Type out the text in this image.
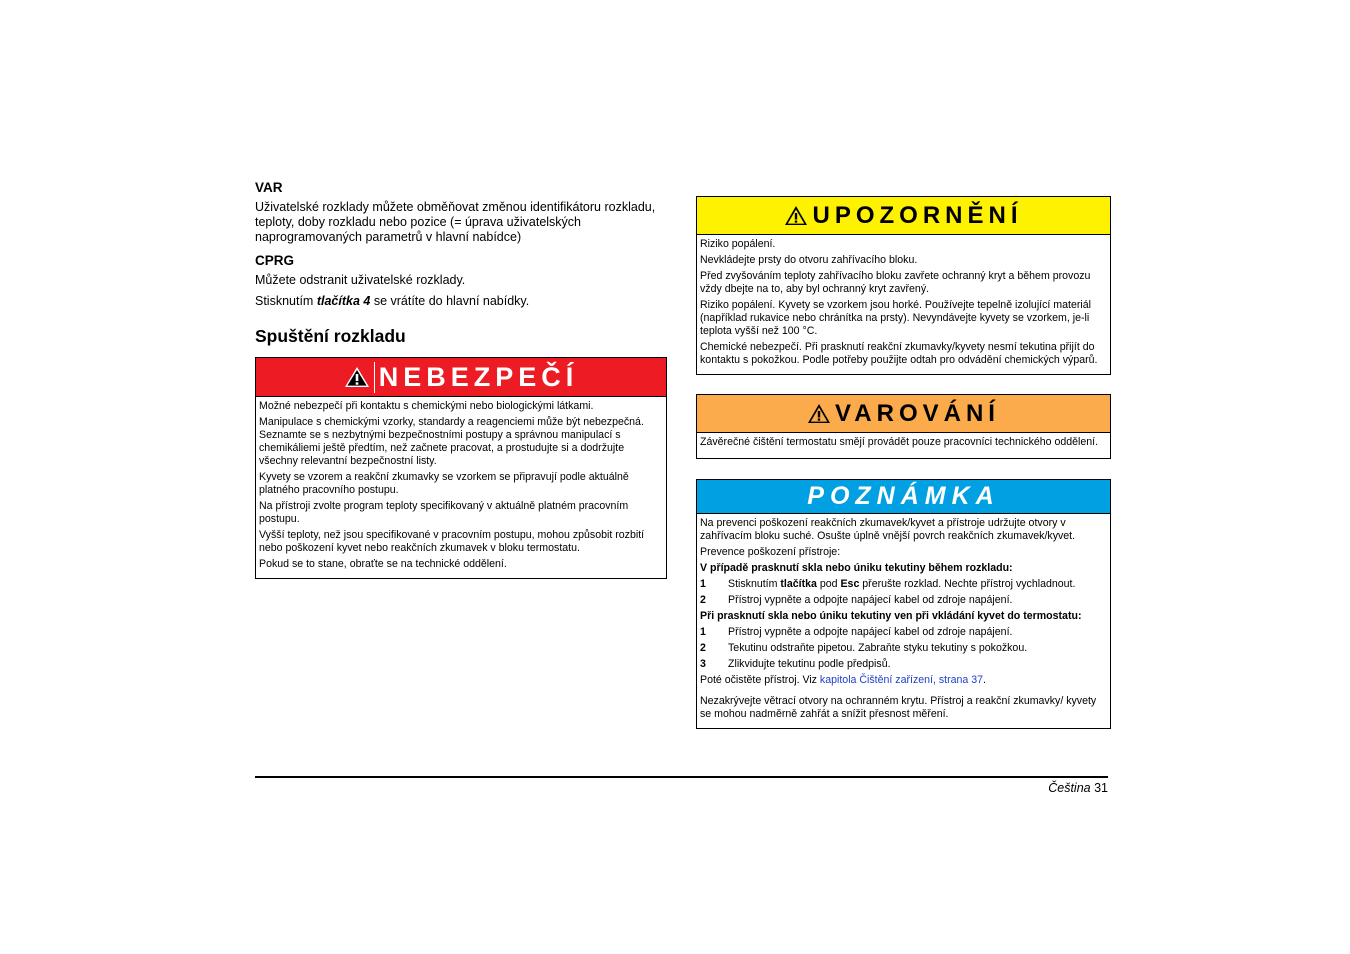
VAR
Uživatelské rozklady můžete obměňovat změnou identifikátoru rozkladu, teploty, doby rozkladu nebo pozice (= úprava uživatelských naprogramovaných parametrů v hlavní nabídce)
CPRG
Můžete odstranit uživatelské rozklady.
Stisknutím tlačítka 4 se vrátíte do hlavní nabídky.
Spuštění rozkladu
NEBEZPEČÍ
Možné nebezpečí při kontaktu s chemickými nebo biologickými látkami.
Manipulace s chemickými vzorky, standardy a reagenciemi může být nebezpečná. Seznamte se s nezbytnými bezpečnostními postupy a správnou manipulací s chemikáliemi ještě předtím, než začnete pracovat, a prostudujte si a dodržujte všechny relevantní bezpečnostní listy.
Kyvety se vzorem a reakční zkumavky se vzorkem se připravují podle aktuálně platného pracovního postupu.
Na přístroji zvolte program teploty specifikovaný v aktuálně platném pracovním postupu.
Vyšší teploty, než jsou specifikované v pracovním postupu, mohou způsobit rozbití nebo poškození kyvet nebo reakčních zkumavek v bloku termostatu.
Pokud se to stane, obraťte se na technické oddělení.
UPOZORNĚNÍ
Riziko popálení.
Nevkládejte prsty do otvoru zahřívacího bloku.
Před zvyšováním teploty zahřívacího bloku zavřete ochranný kryt a během provozu vždy dbejte na to, aby byl ochranný kryt zavřený.
Riziko popálení. Kyvety se vzorkem jsou horké. Používejte tepelně izolující materiál (například rukavice nebo chránítka na prsty). Nevyndávejte kyvety se vzorkem, je-li teplota vyšší než 100 °C.
Chemické nebezpečí. Při prasknutí reakční zkumavky/kyvety nesmí tekutina přijít do kontaktu s pokožkou. Podle potřeby použijte odtah pro odvádění chemických výparů.
VAROVÁNÍ
Závěrečné čištění termostatu smějí provádět pouze pracovníci technického oddělení.
POZNÁMKA
Na prevenci poškození reakčních zkumavek/kyvet a přístroje udržujte otvory v zahřívacím bloku suché. Osušte úplně vnější povrch reakčních zkumavek/kyvet.
Prevence poškození přístroje:
V případě prasknutí skla nebo úniku tekutiny během rozkladu:
1	Stisknutím tlačítka pod Esc přerušte rozklad. Nechte přístroj vychladnout.
2	Přístroj vypněte a odpojte napájecí kabel od zdroje napájení.
Při prasknutí skla nebo úniku tekutiny ven při vkládání kyvet do termostatu:
1	Přístroj vypněte a odpojte napájecí kabel od zdroje napájení.
2	Tekutinu odstraňte pipetou. Zabraňte styku tekutiny s pokožkou.
3	Zlikvidujte tekutinu podle předpisů.
Poté očistěte přístroj. Viz kapitola Čištění zařízení, strana 37.
Nezakrývejte větrací otvory na ochranném krytu. Přístroj a reakční zkumavky/ kyvety se mohou nadměrně zahřát a snížit přesnost měření.
Čeština 31
